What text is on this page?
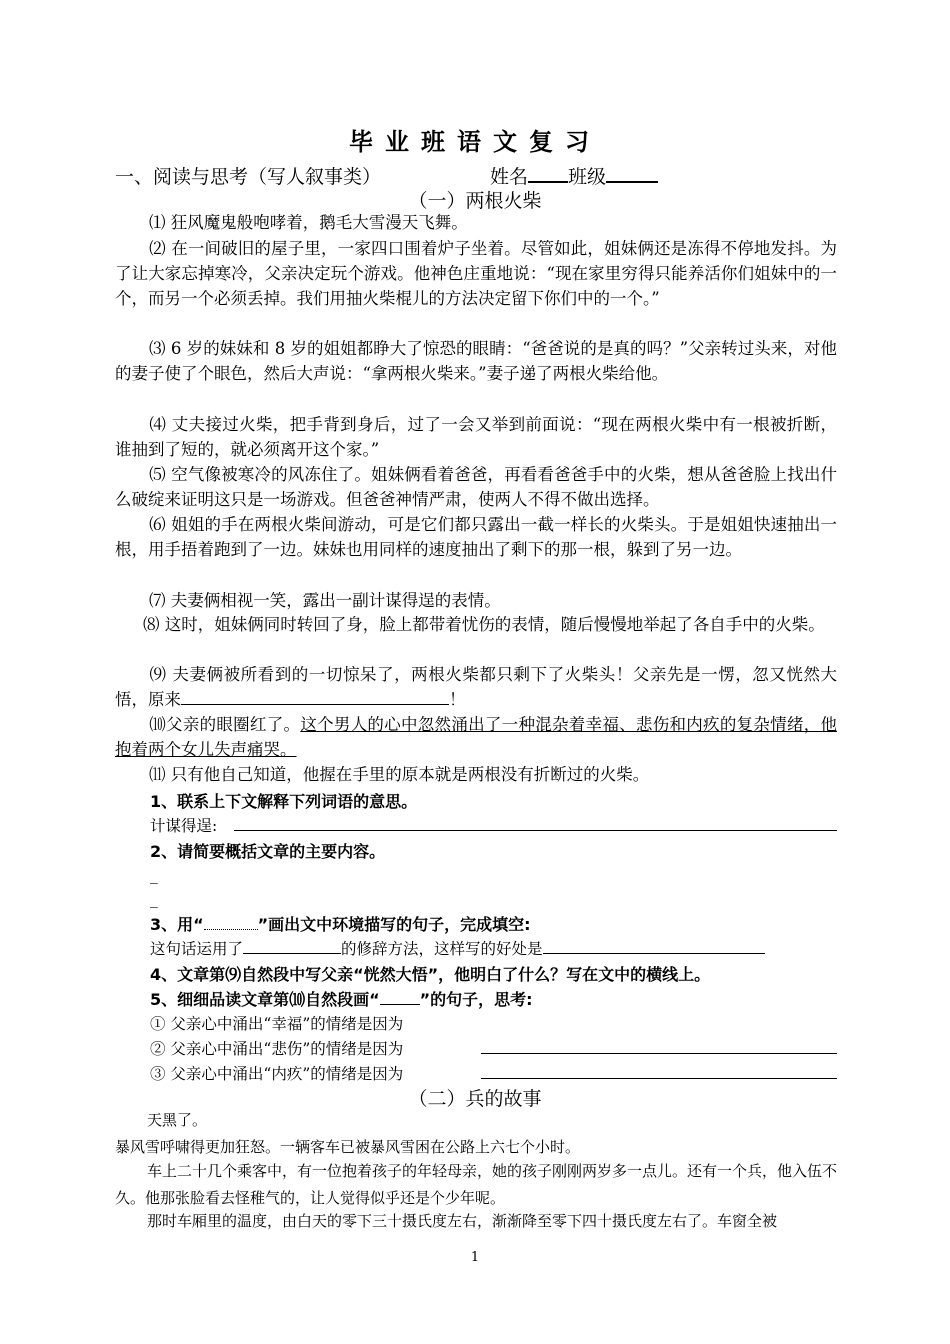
毕业班语文复习
一、阅读与思考（写人叙事类）	姓名 班级
（一）两根火柴
⑴ 狂风魔鬼般咆哮着，鹅毛大雪漫天飞舞。
⑵ 在一间破旧的屋子里，一家四口围着炉子坐着。尽管如此，姐妹俩还是冻得不停地发抖。为了让大家忘掉寒冷，父亲决定玩个游戏。他神色庄重地说：“现在家里穷得只能养活你们姐妹中的一个，而另一个必须丢掉。我们用抽火柴棍儿的方法决定留下你们中的一个。”
⑶ 6 岁的妹妹和 8 岁的姐姐都睁大了惊恐的眼睛：“爸爸说的是真的吗？”父亲转过头来，对他的妻子使了个眼色，然后大声说：“拿两根火柴来。”妻子递了两根火柴给他。
⑷ 丈夫接过火柴，把手背到身后，过了一会又举到前面说：“现在两根火柴中有一根被折断，谁抽到了短的，就必须离开这个家。”
⑸ 空气像被寒冷的风冻住了。姐妹俩看着爸爸，再看看爸爸手中的火柴，想从爸爸脸上找出什么破绽来证明这只是一场游戏。但爸爸神情严肃，使两人不得不做出选择。
⑹ 姐姐的手在两根火柴间游动，可是它们都只露出一截一样长的火柴头。于是姐姐快速抽出一根，用手捂着跑到了一边。妹妹也用同样的速度抽出了剩下的那一根，躲到了另一边。
⑺ 夫妻俩相视一笑，露出一副计谋得逞的表情。
⑻ 这时，姐妹俩同时转回了身，脸上都带着忧伤的表情，随后慢慢地举起了各自手中的火柴。
⑼ 夫妻俩被所看到的一切惊呆了，两根火柴都只剩下了火柴头！父亲先是一愣，忽又恍然大悟，原来	！
⑽父亲的眼圈红了。这个男人的心中忽然涌出了一种混杂着幸福、悲伤和内疚的复杂情绪，他抱着两个女儿失声痛哭。
⑾ 只有他自己知道，他握在手里的原本就是两根没有折断过的火柴。
1、联系上下文解释下列词语的意思。
计谋得逞:
2、请简要概括文章的主要内容。
_
_
3、用“	”画出文中环境描写的句子，完成填空:
这句话运用了	的修辞方法，这样写的好处是
4、文章第⑼自然段中写父亲“恍然大悟”，他明白了什么？写在文中的横线上。
5、细细品读文章第⑽自然段画“	”的句子，思考:
① 父亲心中涌出“幸福”的情绪是因为
② 父亲心中涌出“悲伤”的情绪是因为
③ 父亲心中涌出“内疚”的情绪是因为
（二）兵的故事
天黑了。
暴风雪呼啸得更加狂怒。一辆客车已被暴风雪困在公路上六七个小时。
车上二十几个乘客中，有一位抱着孩子的年轻母亲，她的孩子刚刚两岁多一点儿。还有一个兵，他入伍不久。他那张脸看去怪稚气的，让人觉得似乎还是个少年呢。
那时车厢里的温度，由白天的零下三十摄氏度左右，渐渐降至零下四十摄氏度左右了。车窗全被
1
